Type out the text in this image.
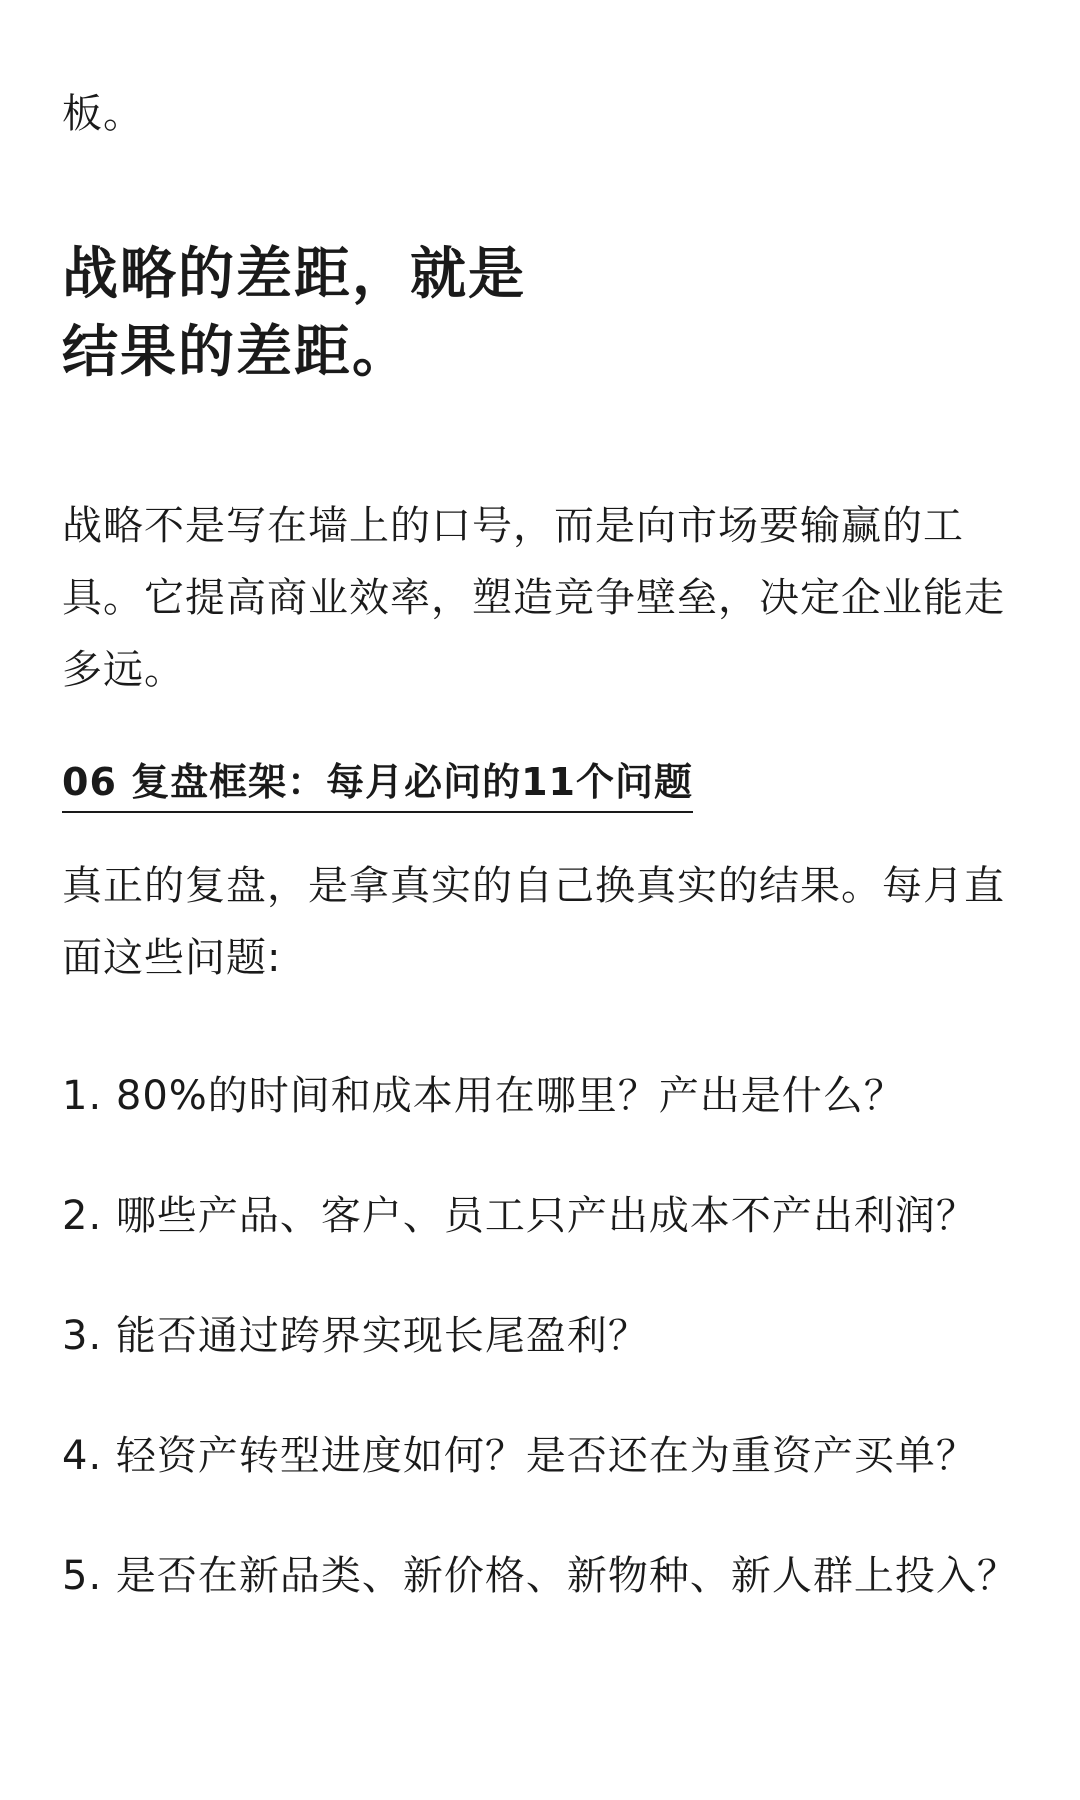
板。

战略的差距，就是
结果的差距。

战略不是写在墙上的口号，而是向市场要输赢的工具。它提高商业效率，塑造竞争壁垒，决定企业能走多远。

06 复盘框架：每月必问的11个问题

真正的复盘，是拿真实的自己换真实的结果。每月直面这些问题:

1. 80%的时间和成本用在哪里？产出是什么？

2. 哪些产品、客户、员工只产出成本不产出利润？

3. 能否通过跨界实现长尾盈利？

4. 轻资产转型进度如何？是否还在为重资产买单？

5. 是否在新品类、新价格、新物种、新人群上投入？
